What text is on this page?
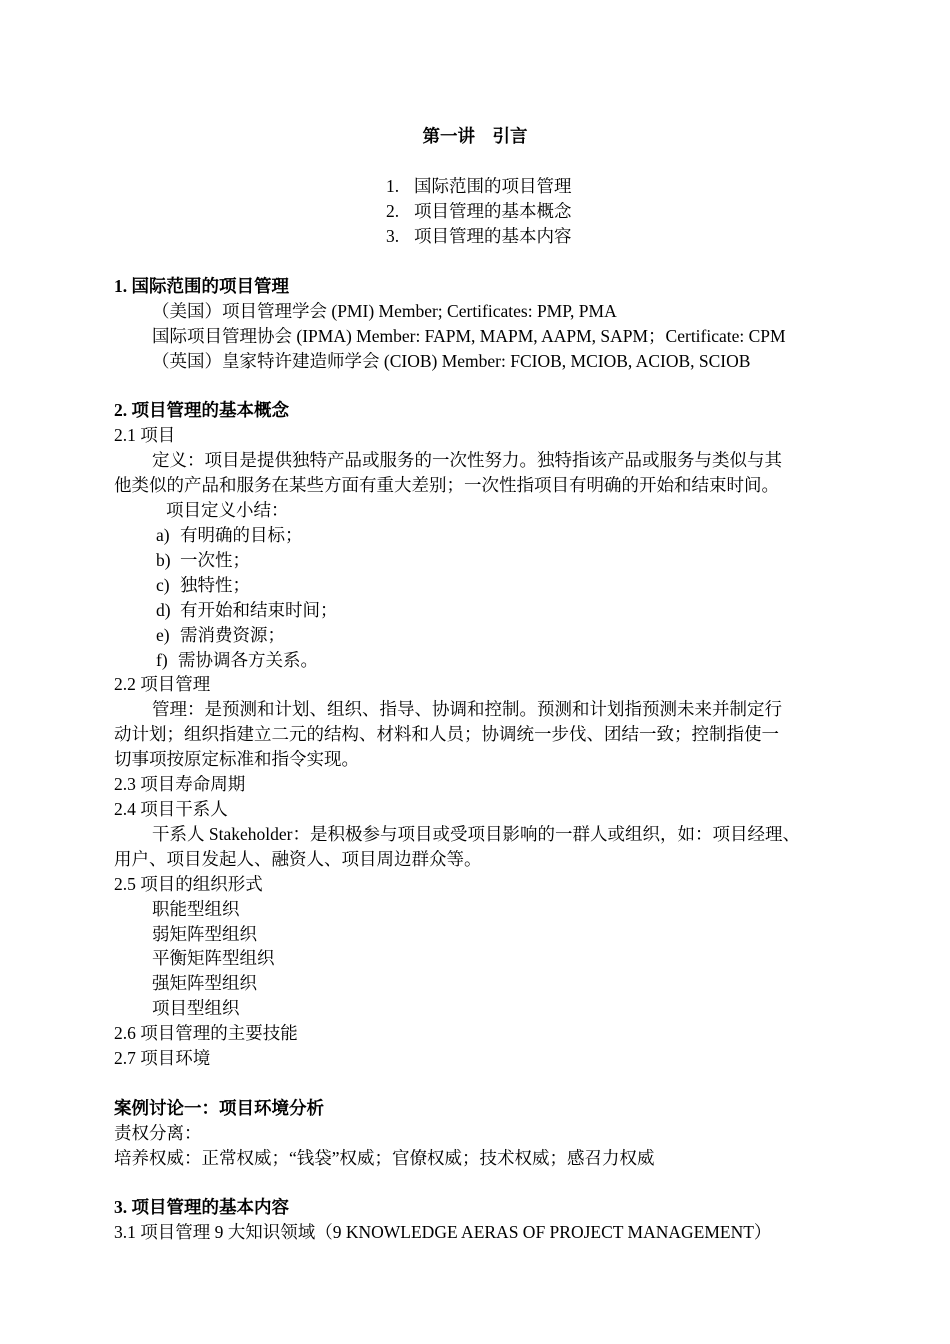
第一讲　引言
1. 国际范围的项目管理
2. 项目管理的基本概念
3. 项目管理的基本内容
1. 国际范围的项目管理
（美国）项目管理学会 (PMI) Member; Certificates: PMP, PMA
国际项目管理协会 (IPMA) Member: FAPM, MAPM, AAPM, SAPM；Certificate: CPM
（英国）皇家特许建造师学会 (CIOB) Member: FCIOB, MCIOB, ACIOB, SCIOB
2. 项目管理的基本概念
2.1 项目
定义：项目是提供独特产品或服务的一次性努力。独特指该产品或服务与类似与其
他类似的产品和服务在某些方面有重大差别；一次性指项目有明确的开始和结束时间。
项目定义小结：
a) 有明确的目标；
b) 一次性；
c) 独特性；
d) 有开始和结束时间；
e) 需消费资源；
f) 需协调各方关系。
2.2 项目管理
管理：是预测和计划、组织、指导、协调和控制。预测和计划指预测未来并制定行
动计划；组织指建立二元的结构、材料和人员；协调统一步伐、团结一致；控制指使一
切事项按原定标准和指令实现。
2.3 项目寿命周期
2.4 项目干系人
干系人 Stakeholder：是积极参与项目或受项目影响的一群人或组织，如：项目经理、
用户、项目发起人、融资人、项目周边群众等。
2.5 项目的组织形式
职能型组织
弱矩阵型组织
平衡矩阵型组织
强矩阵型组织
项目型组织
2.6 项目管理的主要技能
2.7 项目环境
案例讨论一：项目环境分析
责权分离：
培养权威：正常权威；“钱袋”权威；官僚权威；技术权威；感召力权威
3. 项目管理的基本内容
3.1 项目管理 9 大知识领域（9 KNOWLEDGE AERAS OF PROJECT MANAGEMENT）
